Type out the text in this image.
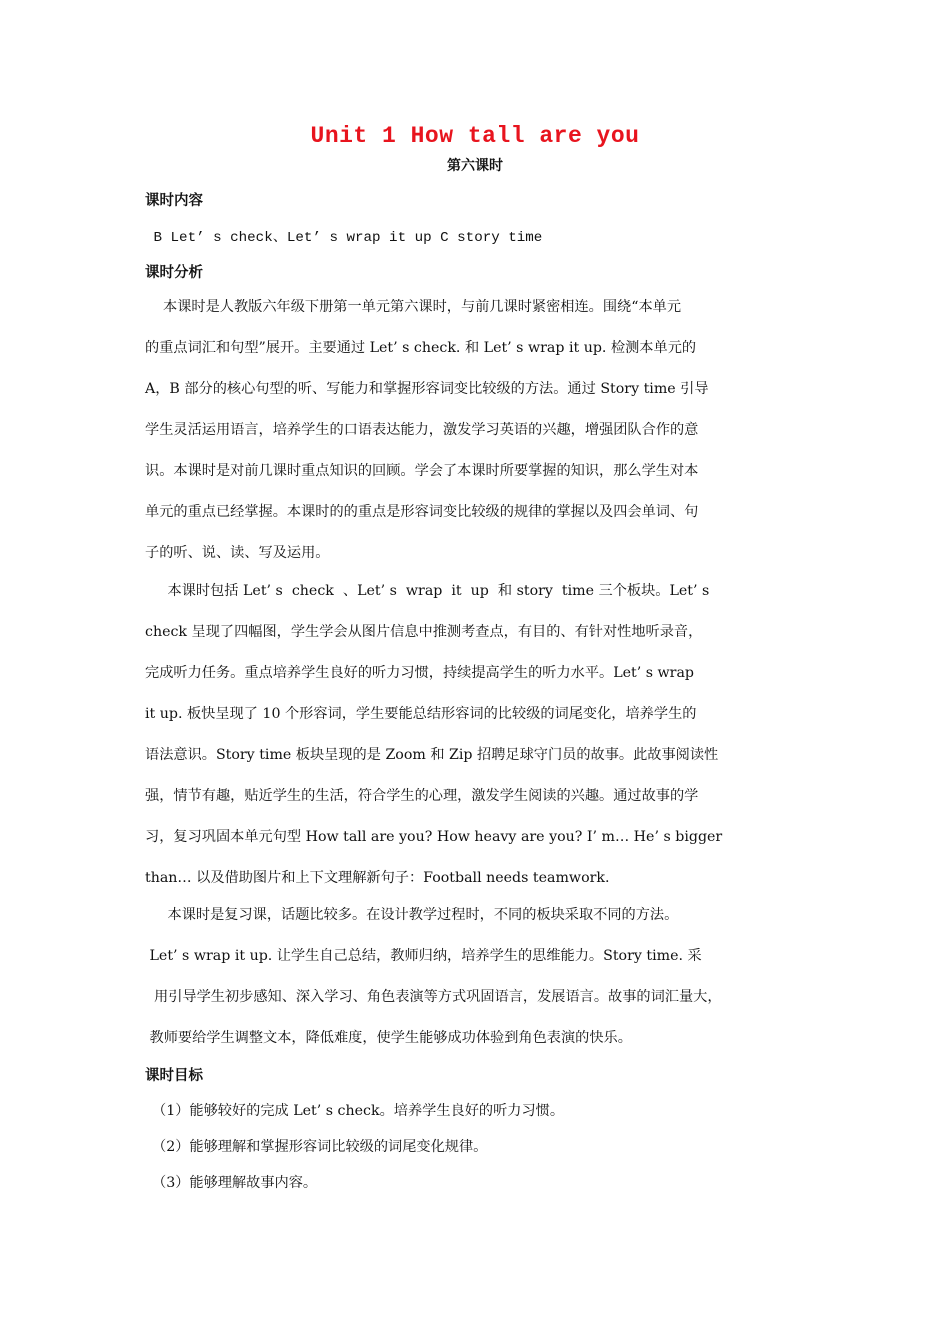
Unit 1 How tall are you
第六课时
课时内容
B Let’ s check、Let’ s wrap it up C story time
课时分析
本课时是人教版六年级下册第一单元第六课时，与前几课时紧密相连。围绕“本单元
的重点词汇和句型”展开。主要通过 Let’ s check. 和 Let’ s wrap it up. 检测本单元的
A，B 部分的核心句型的听、写能力和掌握形容词变比较级的方法。通过 Story time 引导
学生灵活运用语言，培养学生的口语表达能力，激发学习英语的兴趣，增强团队合作的意
识。本课时是对前几课时重点知识的回顾。学会了本课时所要掌握的知识，那么学生对本
单元的重点已经掌握。本课时的的重点是形容词变比较级的规律的掌握以及四会单词、句
子的听、说、读、写及运用。
本课时包括 Let’ s  check  、Let’ s  wrap  it  up  和 story  time 三个板块。Let’ s
check 呈现了四幅图，学生学会从图片信息中推测考查点，有目的、有针对性地听录音，
完成听力任务。重点培养学生良好的听力习惯，持续提高学生的听力水平。Let’ s wrap
it up. 板快呈现了 10 个形容词，学生要能总结形容词的比较级的词尾变化，培养学生的
语法意识。Story time 板块呈现的是 Zoom 和 Zip 招聘足球守门员的故事。此故事阅读性
强，情节有趣，贴近学生的生活，符合学生的心理，激发学生阅读的兴趣。通过故事的学
习，复习巩固本单元句型 How tall are you? How heavy are you? I’ m… He’ s bigger
than… 以及借助图片和上下文理解新句子：Football needs teamwork.
本课时是复习课，话题比较多。在设计教学过程时，不同的板块采取不同的方法。
Let’ s wrap it up. 让学生自己总结，教师归纳，培养学生的思维能力。Story time. 采
用引导学生初步感知、深入学习、角色表演等方式巩固语言，发展语言。故事的词汇量大，
教师要给学生调整文本，降低难度，使学生能够成功体验到角色表演的快乐。
课时目标
（1）能够较好的完成 Let’ s check。培养学生良好的听力习惯。
（2）能够理解和掌握形容词比较级的词尾变化规律。
（3）能够理解故事内容。
